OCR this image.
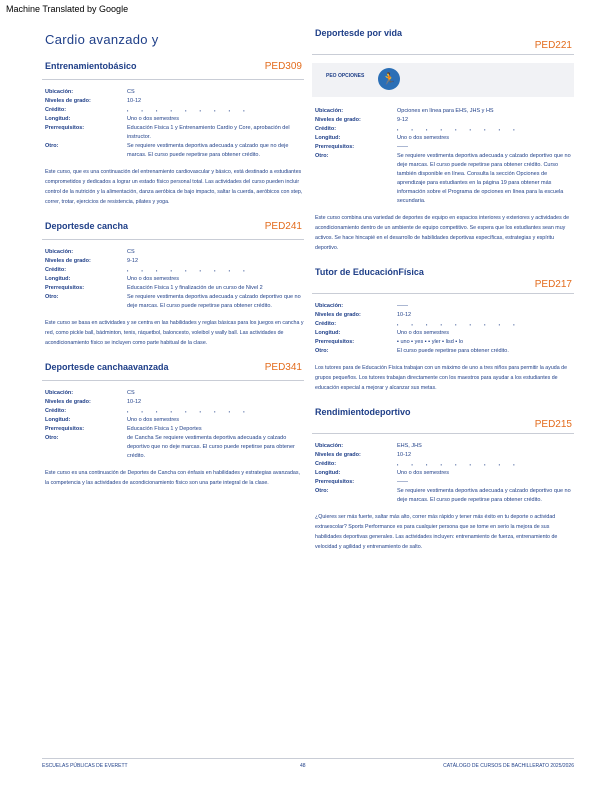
Machine Translated by Google
Cardio avanzado y
Entrenamientobásico	PED309
Ubicación:	CS
Niveles de grado:	10-12
Crédito:	▪ ▪ ▪ ▪ ▪ ▪ ▪ ▪ ▪
Longitud:	Uno o dos semestres
Prerrequisitos:	Educación Física 1 y Entrenamiento Cardio y Core, aprobación del instructor.
Otro:	Se requiere vestimenta deportiva adecuada y calzado que no deje marcas. El curso puede repetirse para obtener crédito.
Este curso, que es una continuación del entrenamiento cardiovascular y básico, está destinado a estudiantes comprometidos y dedicados a lograr un estado físico personal total. Las actividades del curso pueden incluir control de la nutrición y la alimentación, danza aeróbica de bajo impacto, saltar la cuerda, aeróbicos con step, correr, trotar, ejercicios de resistencia, pilates y yoga.
Deportesde cancha	PED241
Ubicación:	CS
Niveles de grado:	9-12
Crédito:	▪ ▪ ▪ ▪ ▪ ▪ ▪ ▪ ▪
Longitud:	Uno o dos semestres
Prerrequisitos:	Educación Física 1 y finalización de un curso de Nivel 2
Otro:	Se requiere vestimenta deportiva adecuada y calzado deportivo que no deje marcas. El curso puede repetirse para obtener crédito.
Este curso se basa en actividades y se centra en las habilidades y reglas básicas para los juegos en cancha y red, como pickle ball, bádminton, tenis, ráquetbol, baloncesto, voleibol y wally ball. Las actividades de acondicionamiento físico se incluyen como parte habitual de la clase.
Deportesde canchaavanzada	PED341
Ubicación:	CS
Niveles de grado:	10-12
Crédito:	▪ ▪ ▪ ▪ ▪ ▪ ▪ ▪ ▪
Longitud:	Uno o dos semestres
Prerrequisitos:	Educación Física 1 y Deportes
Otro:	de Cancha Se requiere vestimenta deportiva adecuada y calzado deportivo que no deje marcas. El curso puede repetirse para obtener crédito.
Este curso es una continuación de Deportes de Cancha con énfasis en habilidades y estrategias avanzadas, la competencia y las actividades de acondicionamiento físico son una parte integral de la clase.
Deportesde por vida
PED221
PEO OPCIONES 🏃
Ubicación:	Opciones en línea para EHS, JHS y HS
Niveles de grado:	9-12
Crédito:	▪ ▪ ▪ ▪ ▪ ▪ ▪ ▪ ▪
Longitud:	Uno o dos semestres
Prerrequisitos:	——
Otro:	Se requiere vestimenta deportiva adecuada y calzado deportivo que no deje marcas. El curso puede repetirse para obtener crédito. Curso también disponible en línea. Consulta la sección Opciones de aprendizaje para estudiantes en la página 19 para obtener más información sobre el Programa de opciones en línea para la escuela secundaria.
Este curso combina una variedad de deportes de equipo en espacios interiores y exteriores y actividades de acondicionamiento dentro de un ambiente de equipo competitivo. Se espera que los estudiantes sean muy activos. Se hace hincapié en el desarrollo de habilidades deportivas específicas, estrategias y espíritu deportivo.
Tutor de EducaciónFísica
PED217
Ubicación:	——
Niveles de grado:	10-12
Crédito:	▪ ▪ ▪ ▪ ▪ ▪ ▪ ▪ ▪
Longitud:	Uno o dos semestres
Prerrequisitos:	▪ uno ▪ yes ▪ ▪ yler ▪ lisd ▪ lo
Otro:	El curso puede repetirse para obtener crédito.
Los tutores para de Educación Física trabajan con un máximo de uno a tres niños para permitir la ayuda de grupos pequeños. Los tutores trabajan directamente con los maestros para ayudar a los estudiantes de educación especial a mejorar y alcanzar sus metas.
Rendimientodeportivo
PED215
Ubicación:	EHS, JHS
Niveles de grado:	10-12
Crédito:	▪ ▪ ▪ ▪ ▪ ▪ ▪ ▪ ▪
Longitud:	Uno o dos semestres
Prerrequisitos:	——
Otro:	Se requiere vestimenta deportiva adecuada y calzado deportivo que no deje marcas. El curso puede repetirse para obtener crédito.
¿Quieres ser más fuerte, saltar más alto, correr más rápido y tener más éxito en tu deporte o actividad extraescolar? Sports Performance es para cualquier persona que se tome en serio la mejora de sus habilidades deportivas generales. Las actividades incluyen: entrenamiento de fuerza, entrenamiento de velocidad y agilidad y entrenamiento de salto.
ESCUELAS PÚBLICAS DE EVERETT	48	CATÁLOGO DE CURSOS DE BACHILLERATO 2025/2026
